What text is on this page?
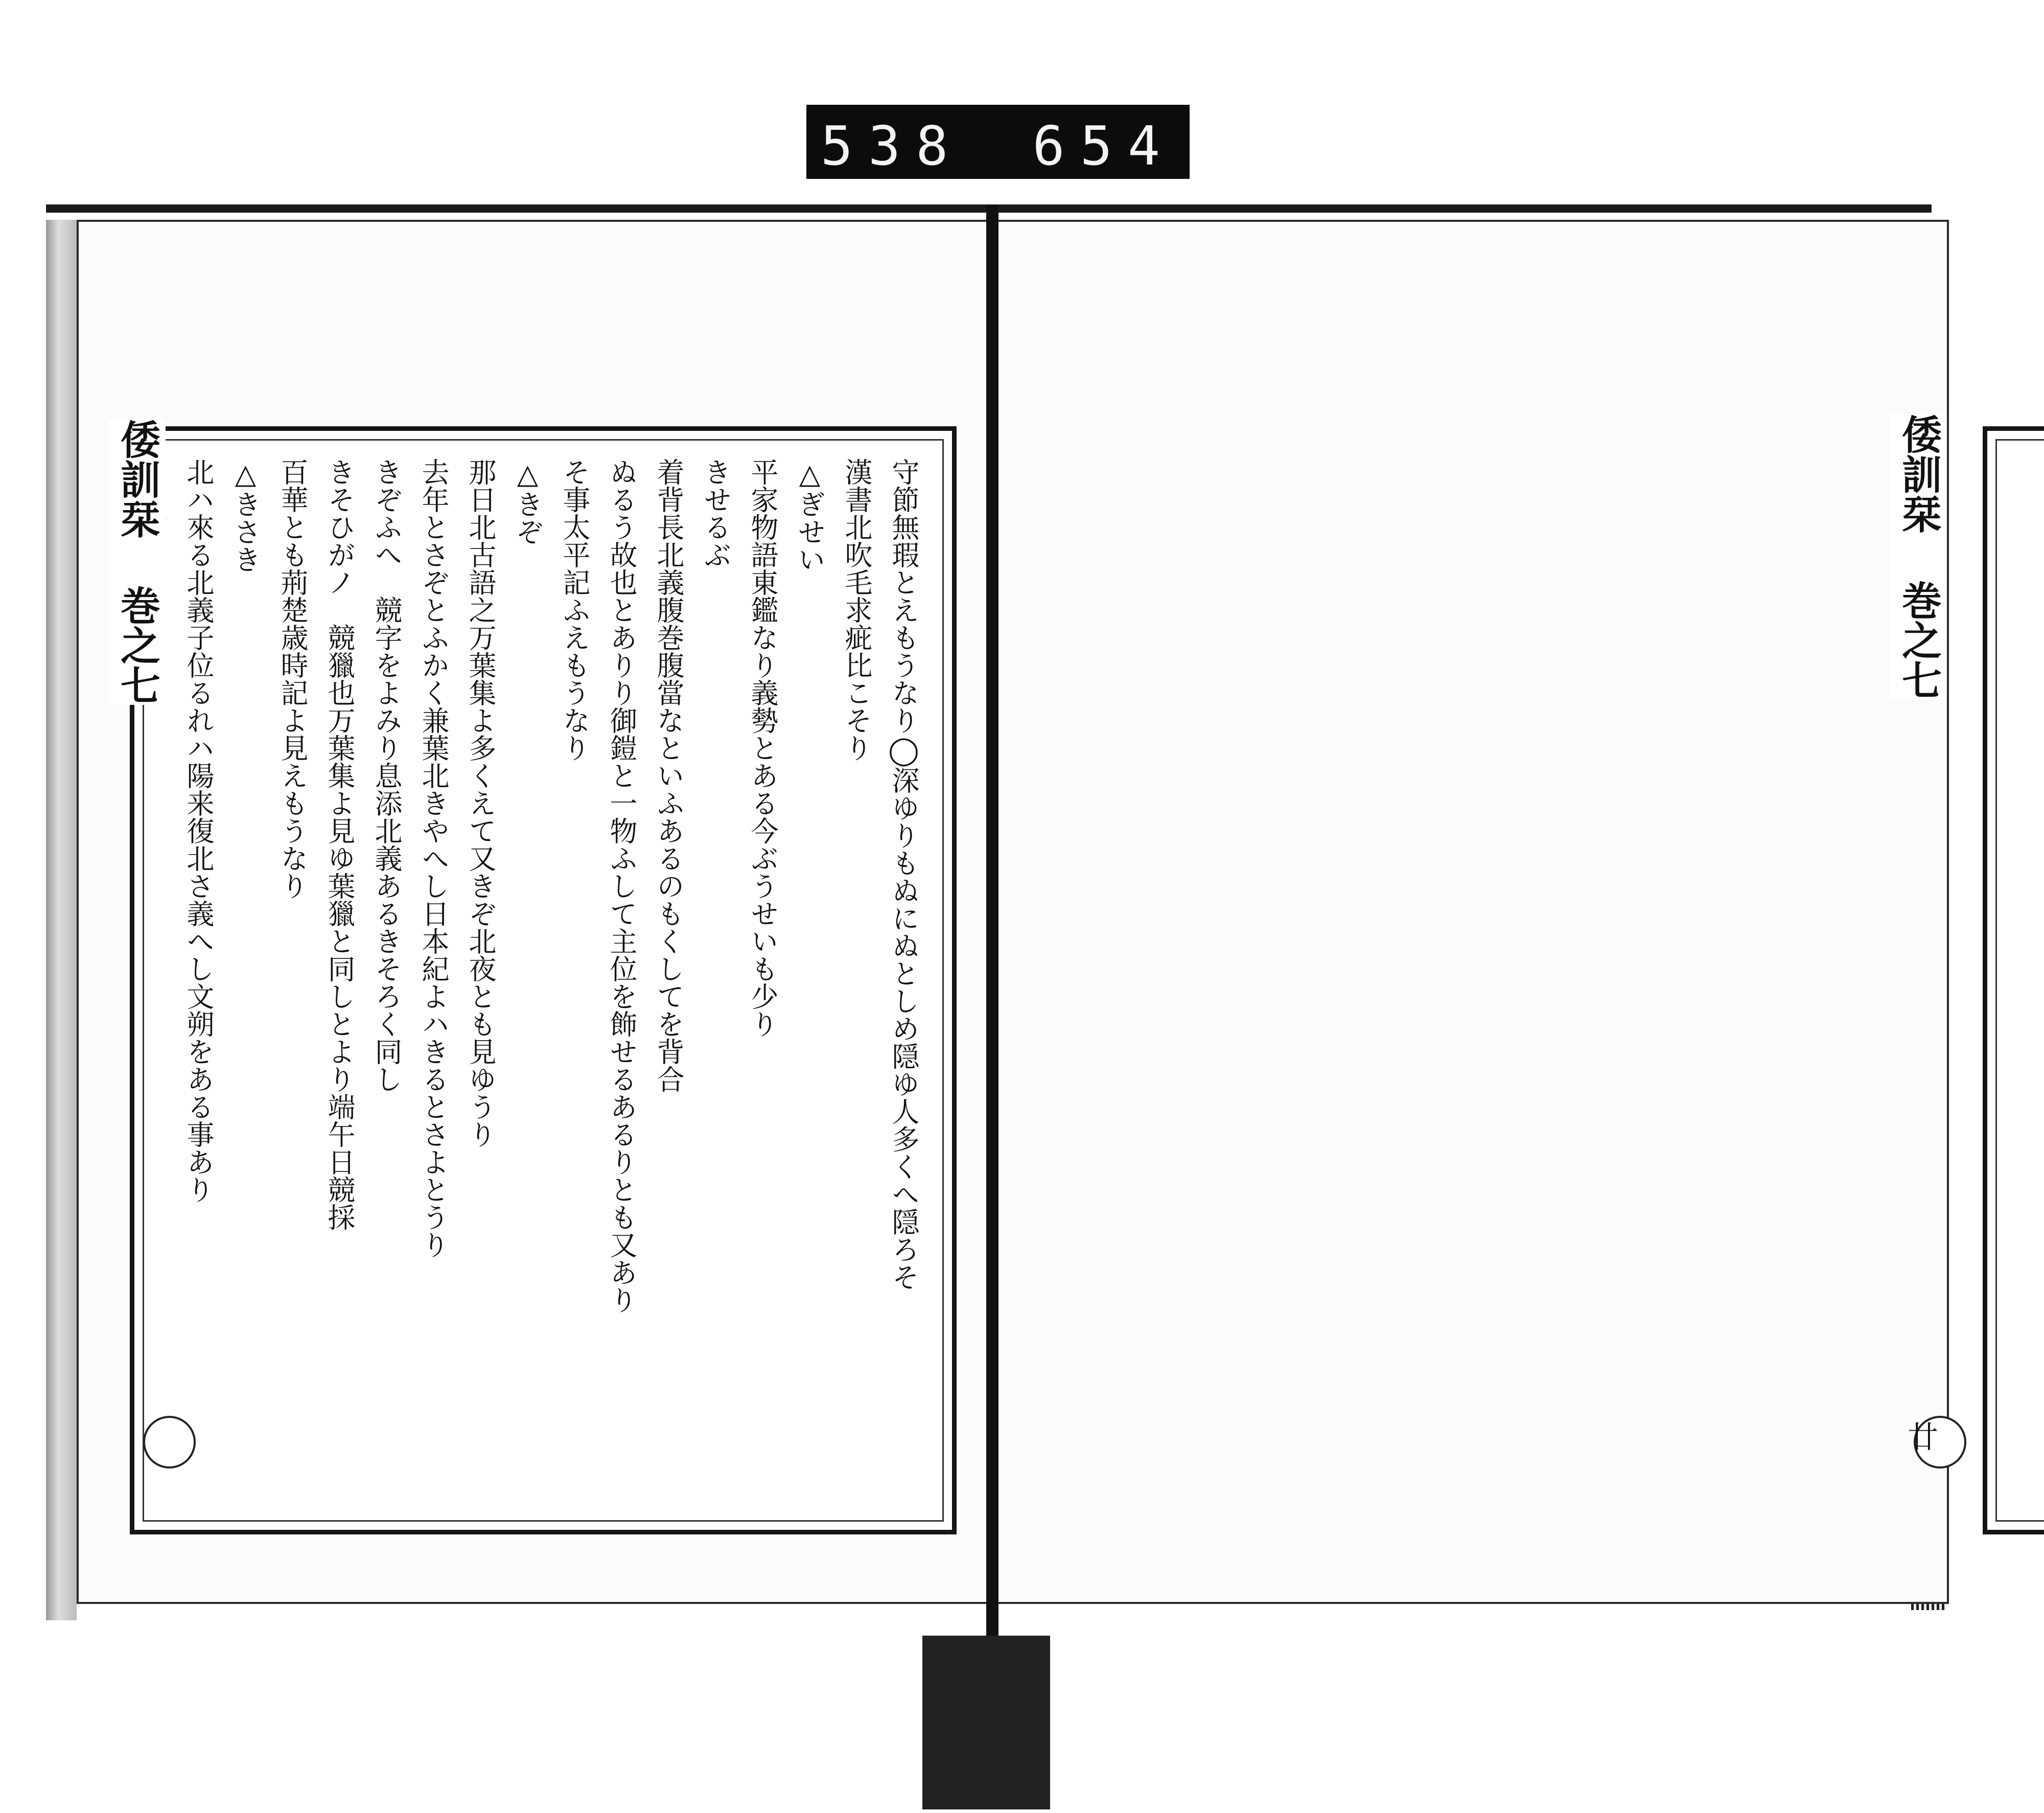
538　654
守節無瑕とえもうなり◯深ゆりもぬにぬとしめ隠ゆ人多くへ隠ろそ
漢書北吹毛求疵比こそり
△ぎせい
平家物語東鑑なり義勢とある今ぶうせいも少り
きせるぶ
着背長北義腹巻腹當なといふあるのもくしてを背合
ぬるう故也とありり御鎧と一物ふして主位を飾せるあるりとも又あり
そ事太平記ふえもうなり
△きぞ
那日北古語之万葉集よ多くえて又きぞ北夜とも見ゆうり
去年とさぞとふかく兼葉北きやへし日本紀よハきるとさよとうり
きぞふへ　競字をよみり息添北義あるきそろく同し
きそひがノ　競獵也万葉集よ見ゆ葉獵と同しとより端午日競採
百華とも荊楚歳時記よ見えもうなり
△きさき
北ハ來る北義子位るれハ陽来復北さ義へし文朔をある事あり
倭訓栞 巻之七	倭訓栞 巻之七
廿
